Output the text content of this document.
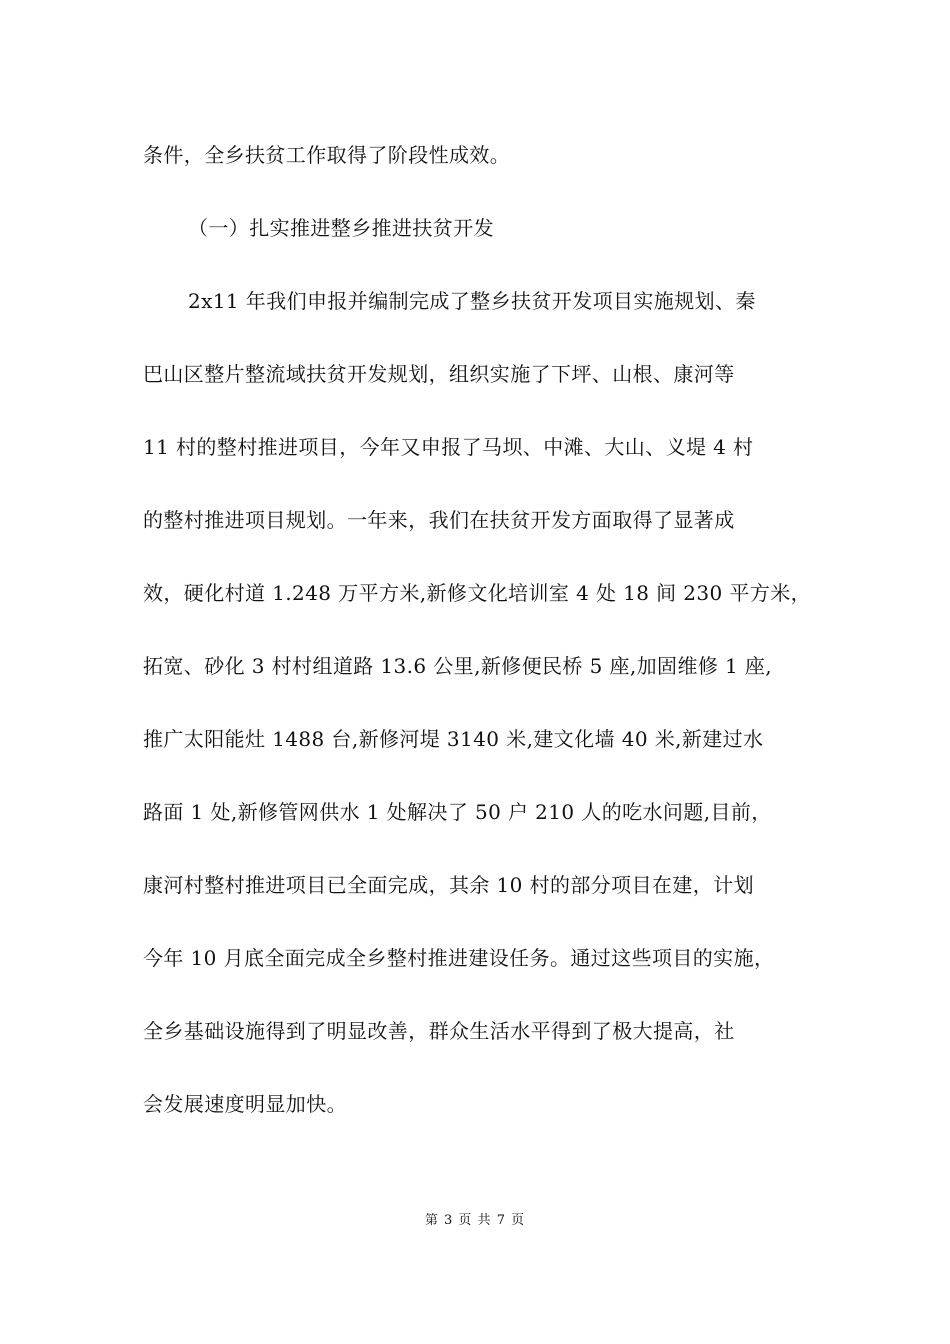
条件，全乡扶贫工作取得了阶段性成效。
（一）扎实推进整乡推进扶贫开发
2x11 年我们申报并编制完成了整乡扶贫开发项目实施规划、秦
巴山区整片整流域扶贫开发规划，组织实施了下坪、山根、康河等
11 村的整村推进项目，今年又申报了马坝、中滩、大山、义堤 4 村
的整村推进项目规划。一年来，我们在扶贫开发方面取得了显著成
效，硬化村道 1.248 万平方米,新修文化培训室 4 处 18 间 230 平方米，
拓宽、砂化 3 村村组道路 13.6 公里,新修便民桥 5 座,加固维修 1 座,
推广太阳能灶 1488 台,新修河堤 3140 米,建文化墙 40 米,新建过水
路面 1 处,新修管网供水 1 处解决了 50 户 210 人的吃水问题,目前，
康河村整村推进项目已全面完成，其余 10 村的部分项目在建，计划
今年 10 月底全面完成全乡整村推进建设任务。通过这些项目的实施，
全乡基础设施得到了明显改善，群众生活水平得到了极大提高，社
会发展速度明显加快。
第 3 页 共 7 页
